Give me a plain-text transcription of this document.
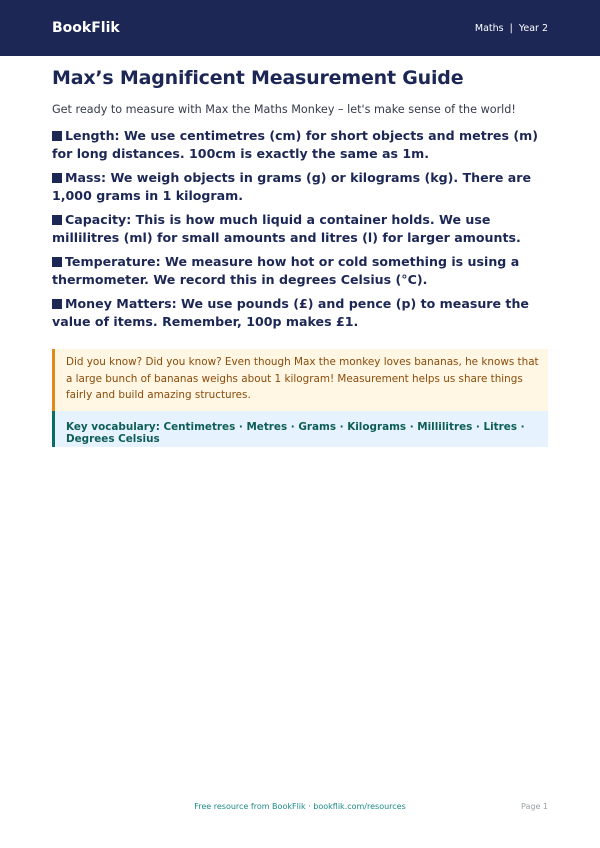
BookFlik	Maths | Year 2
Max’s Magnificent Measurement Guide

Get ready to measure with Max the Maths Monkey – let's make sense of the world!

Length: We use centimetres (cm) for short objects and metres (m) for long distances. 100cm is exactly the same as 1m.
Mass: We weigh objects in grams (g) or kilograms (kg). There are 1,000 grams in 1 kilogram.
Capacity: This is how much liquid a container holds. We use millilitres (ml) for small amounts and litres (l) for larger amounts.
Temperature: We measure how hot or cold something is using a thermometer. We record this in degrees Celsius (°C).
Money Matters: We use pounds (£) and pence (p) to measure the value of items. Remember, 100p makes £1.
Did you know? Did you know? Even though Max the monkey loves bananas, he knows that a large bunch of bananas weighs about 1 kilogram! Measurement helps us share things fairly and build amazing structures.
Key vocabulary: Centimetres · Metres · Grams · Kilograms · Millilitres · Litres · Degrees Celsius
Free resource from BookFlik · bookflik.com/resources	Page 1
